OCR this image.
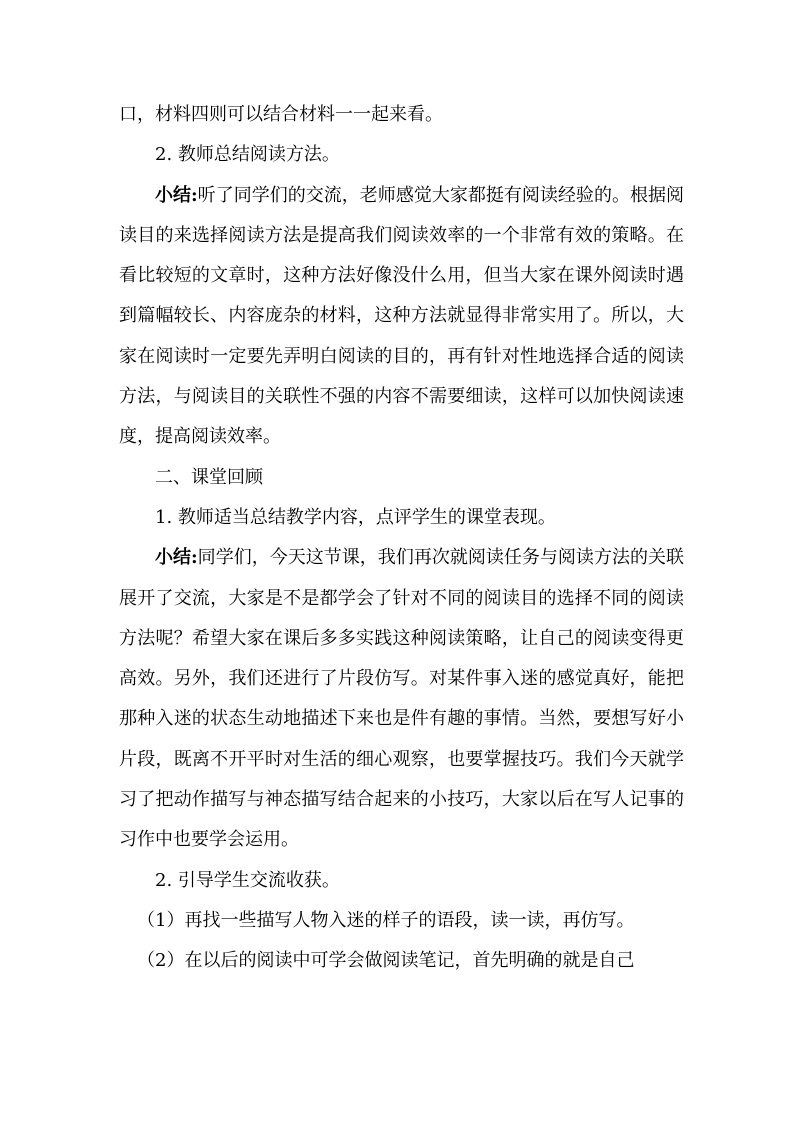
口，材料四则可以结合材料一一起来看。

2. 教师总结阅读方法。

小结:听了同学们的交流，老师感觉大家都挺有阅读经验的。根据阅读目的来选择阅读方法是提高我们阅读效率的一个非常有效的策略。在看比较短的文章时，这种方法好像没什么用，但当大家在课外阅读时遇到篇幅较长、内容庞杂的材料，这种方法就显得非常实用了。所以，大家在阅读时一定要先弄明白阅读的目的，再有针对性地选择合适的阅读方法，与阅读目的关联性不强的内容不需要细读，这样可以加快阅读速度，提高阅读效率。

二、课堂回顾

1. 教师适当总结教学内容，点评学生的课堂表现。

小结:同学们，今天这节课，我们再次就阅读任务与阅读方法的关联展开了交流，大家是不是都学会了针对不同的阅读目的选择不同的阅读方法呢？希望大家在课后多多实践这种阅读策略，让自己的阅读变得更高效。另外，我们还进行了片段仿写。对某件事入迷的感觉真好，能把那种入迷的状态生动地描述下来也是件有趣的事情。当然，要想写好小片段，既离不开平时对生活的细心观察，也要掌握技巧。我们今天就学习了把动作描写与神态描写结合起来的小技巧，大家以后在写人记事的习作中也要学会运用。

2. 引导学生交流收获。

（1）再找一些描写人物入迷的样子的语段，读一读，再仿写。

（2）在以后的阅读中可学会做阅读笔记，首先明确的就是自己
